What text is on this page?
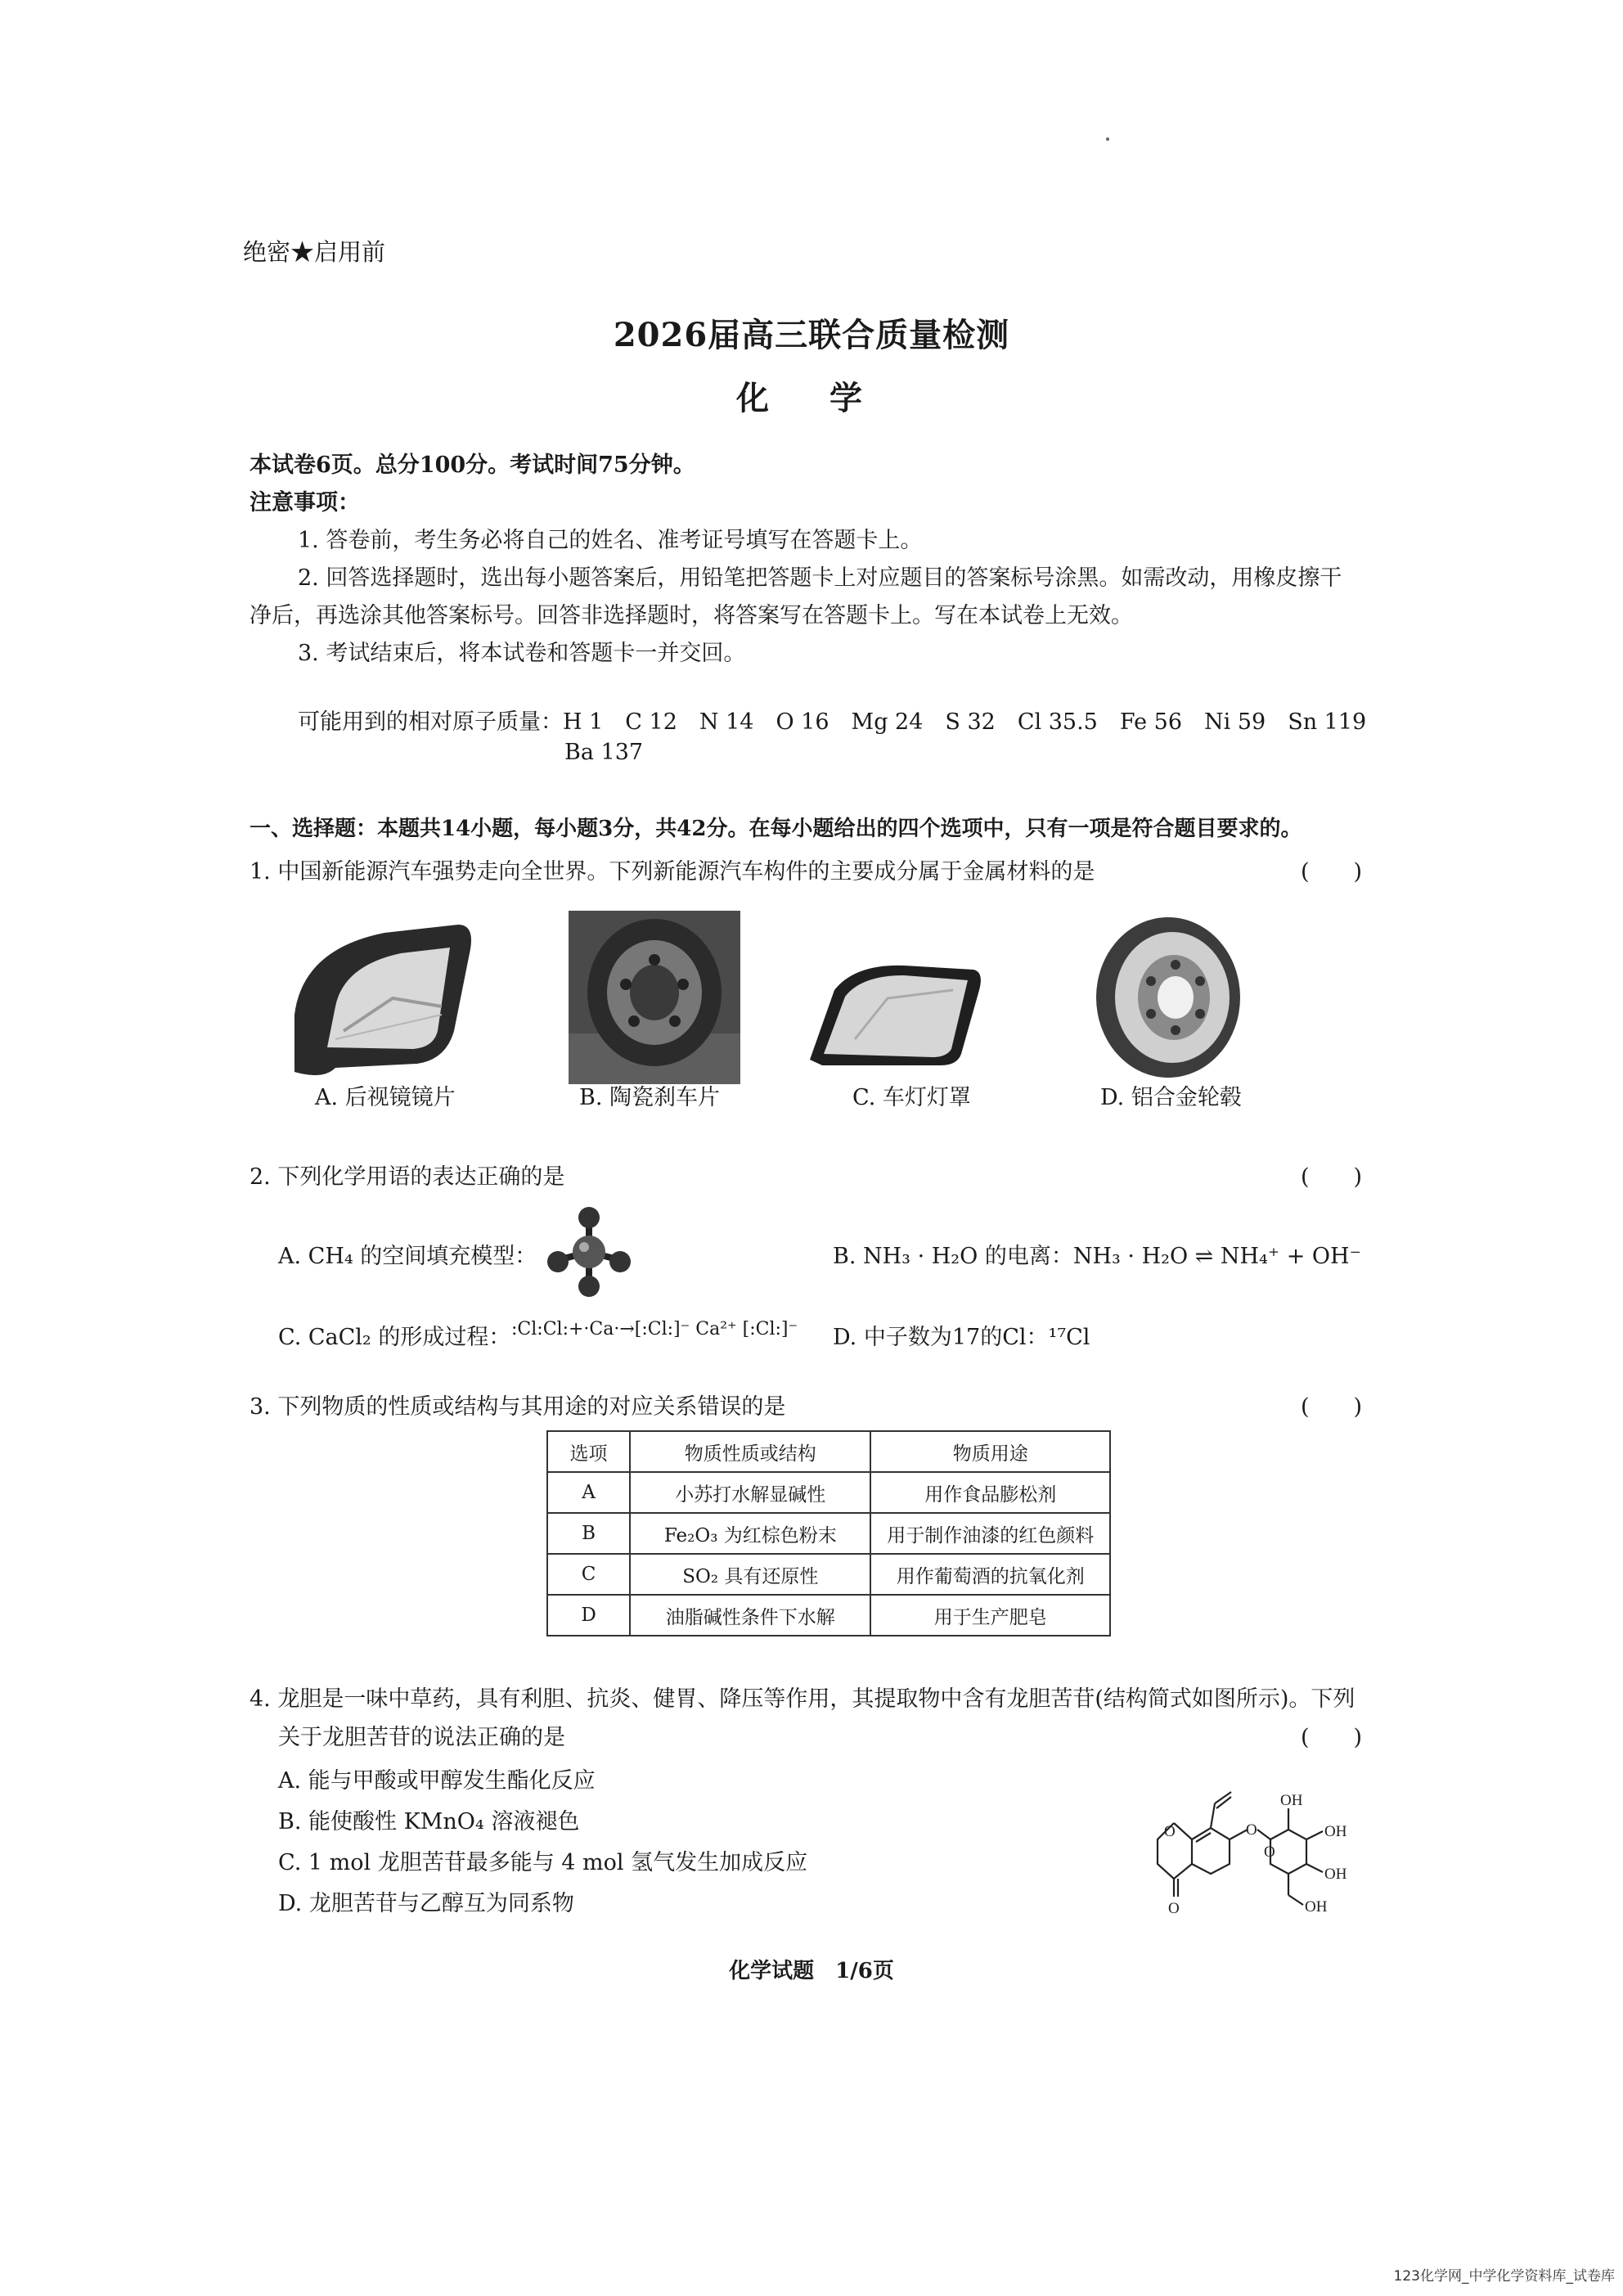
绝密★启用前
2026届高三联合质量检测
化 学
本试卷6页。总分100分。考试时间75分钟。
注意事项：
1. 答卷前，考生务必将自己的姓名、准考证号填写在答题卡上。
2. 回答选择题时，选出每小题答案后，用铅笔把答题卡上对应题目的答案标号涂黑。如需改动，用橡皮擦干
净后，再选涂其他答案标号。回答非选择题时，将答案写在答题卡上。写在本试卷上无效。
3. 考试结束后，将本试卷和答题卡一并交回。
可能用到的相对原子质量：H 1　C 12　N 14　O 16　Mg 24　S 32　Cl 35.5　Fe 56　Ni 59　Sn 119
Ba 137
一、选择题：本题共14小题，每小题3分，共42分。在每小题给出的四个选项中，只有一项是符合题目要求的。
1. 中国新能源汽车强势走向全世界。下列新能源汽车构件的主要成分属于金属材料的是	(　　)
A. 后视镜镜片	B. 陶瓷刹车片	C. 车灯灯罩	D. 铝合金轮毂
2. 下列化学用语的表达正确的是	(　　)
A. CH₄ 的空间填充模型：	B. NH₃ · H₂O 的电离：NH₃ · H₂O ⇌ NH₄⁺ + OH⁻
C. CaCl₂ 的形成过程： :Cl:Cl:+·Ca·→[:Cl:]⁻ Ca²⁺ [:Cl:]⁻ D. 中子数为17的Cl：¹⁷Cl
3. 下列物质的性质或结构与其用途的对应关系错误的是	(　　)
选项	物质性质或结构	物质用途
A	小苏打水解显碱性	用作食品膨松剂
B	Fe₂O₃ 为红棕色粉末	用于制作油漆的红色颜料
C	SO₂ 具有还原性	用作葡萄酒的抗氧化剂
D	油脂碱性条件下水解	用于生产肥皂
4. 龙胆是一味中草药，具有利胆、抗炎、健胃、降压等作用，其提取物中含有龙胆苦苷(结构简式如图所示)。下列
关于龙胆苦苷的说法正确的是	(　　)
A. 能与甲酸或甲醇发生酯化反应
B. 能使酸性 KMnO₄ 溶液褪色
C. 1 mol 龙胆苦苷最多能与 4 mol 氢气发生加成反应
D. 龙胆苦苷与乙醇互为同系物
O
O
O
O
OH
OH
OH
OH
化学试题　1/6页
123化学网_中学化学资料库_试卷库
